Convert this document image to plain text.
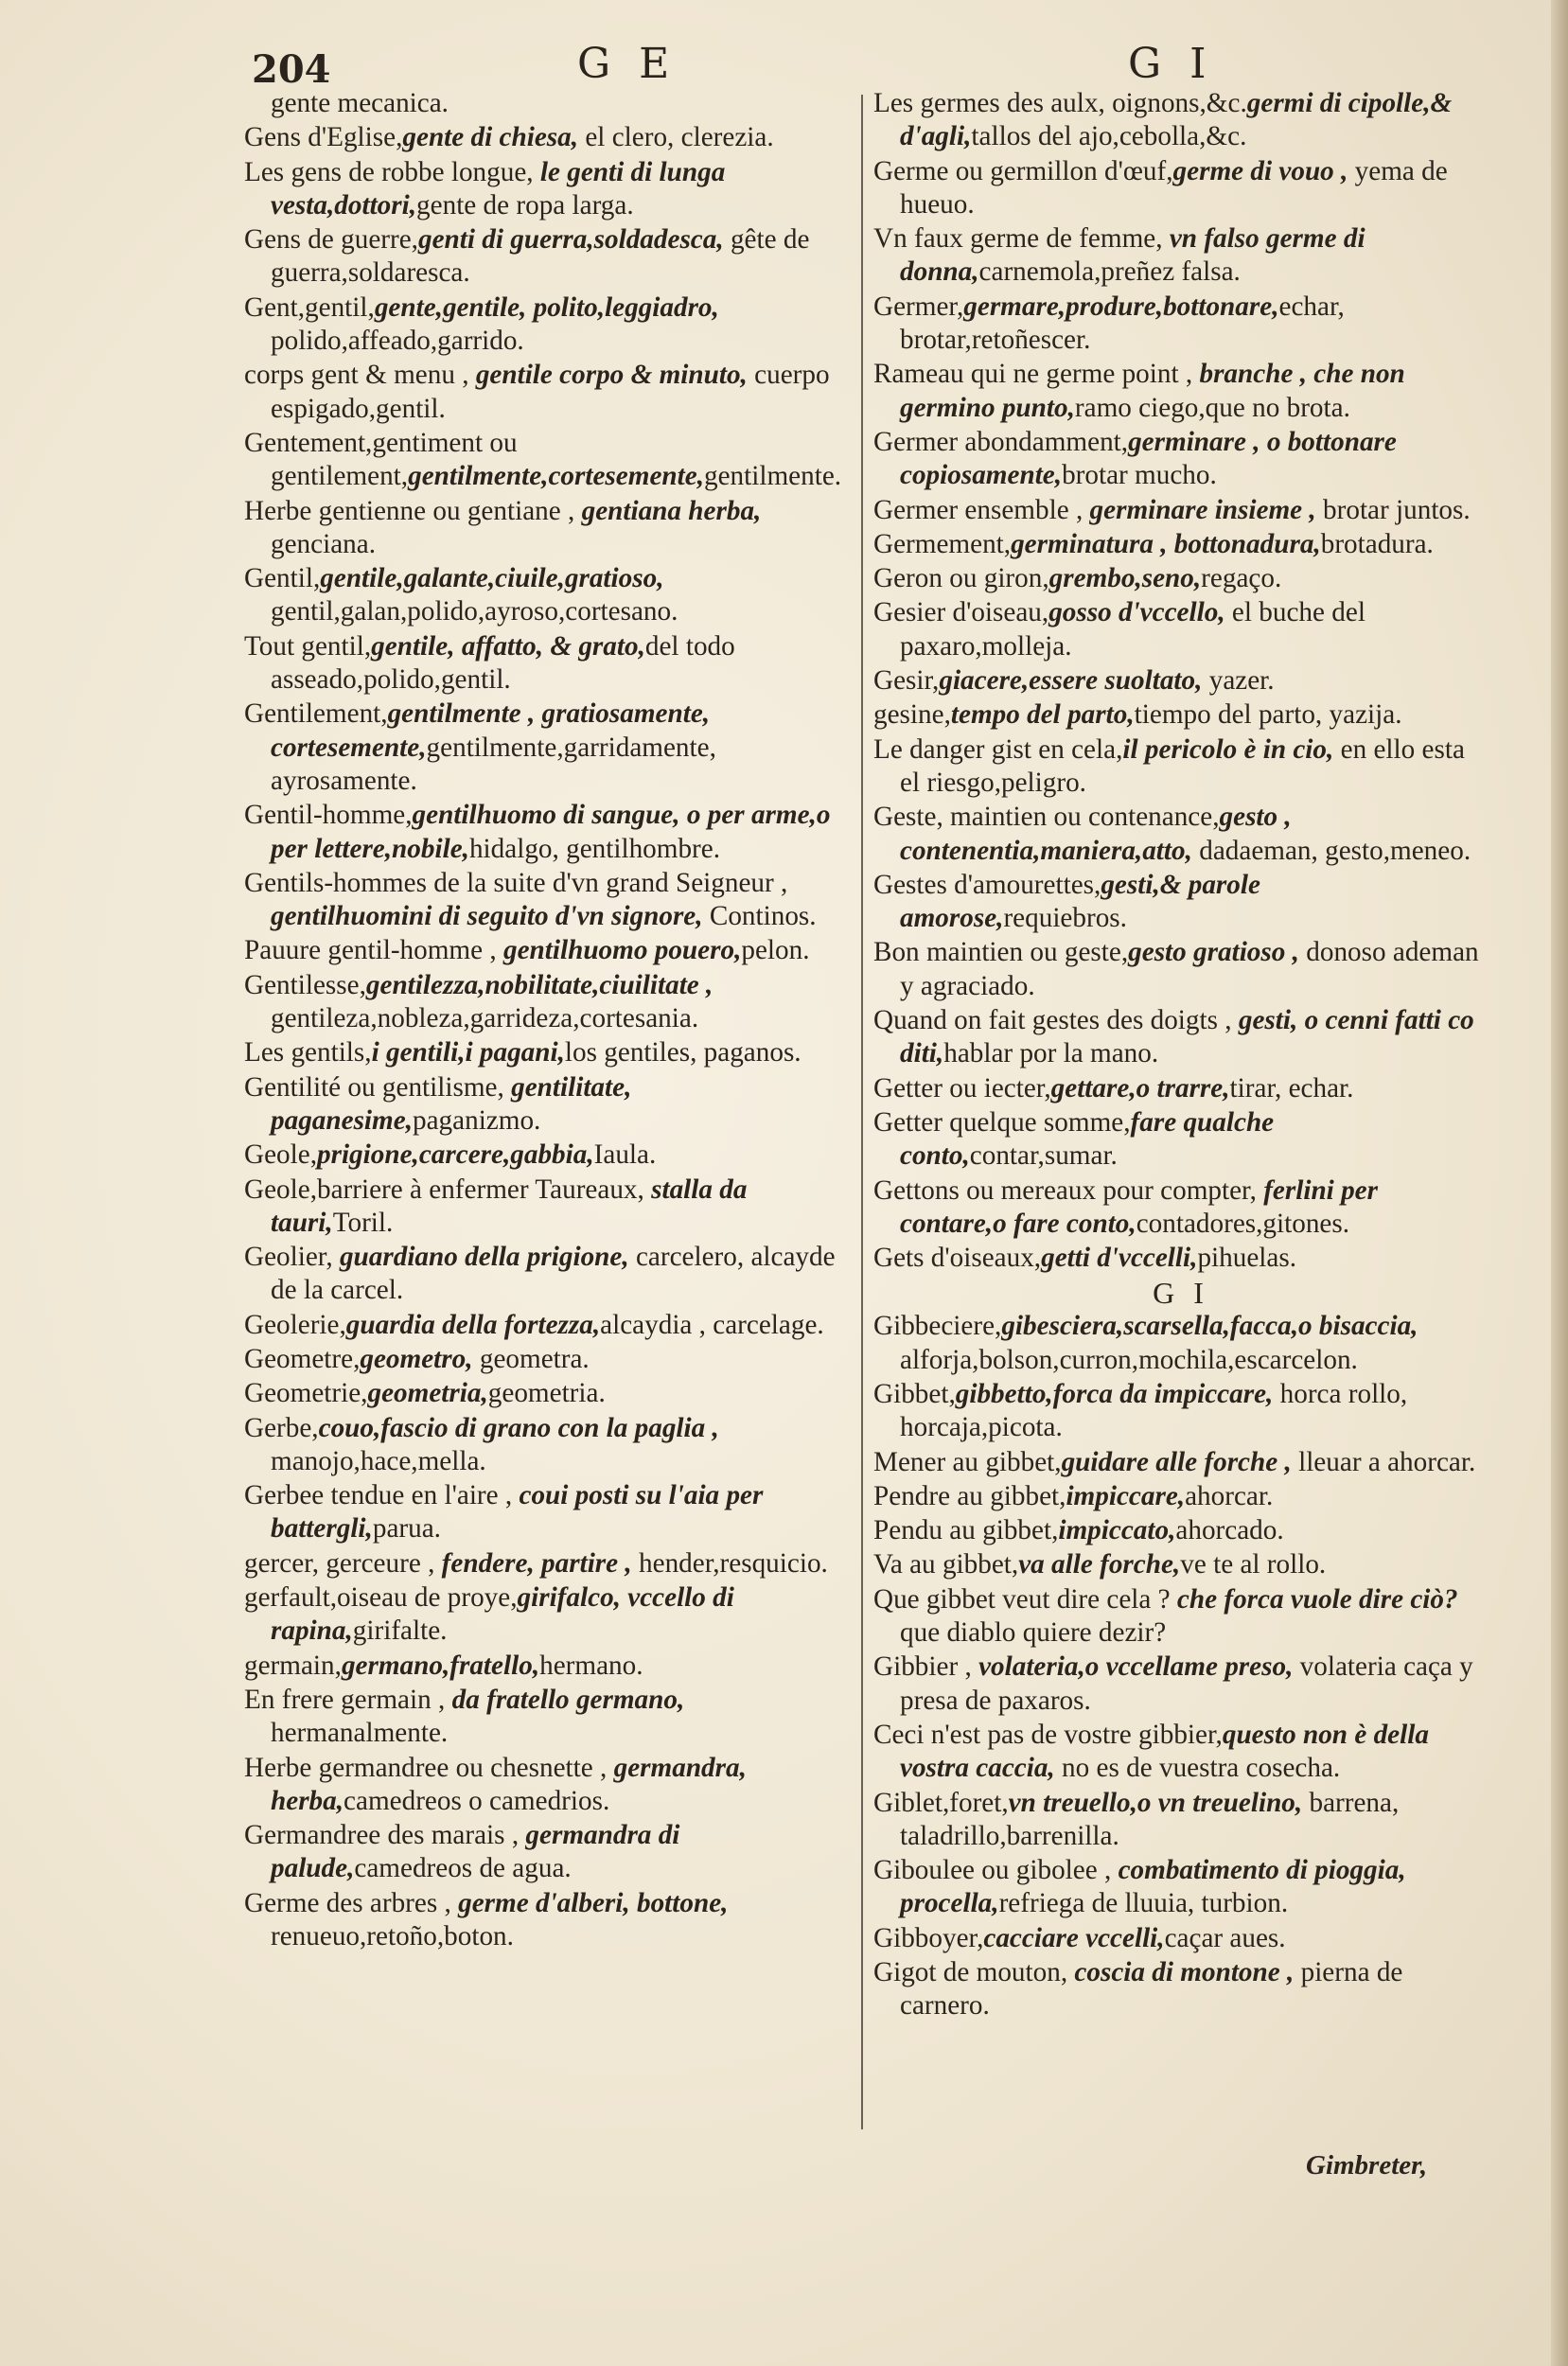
204	G E	G I
gente mecanica.
Gens d'Eglise,gente di chiesa, el clero, clerezia.
Les gens de robbe longue, le genti di lunga vesta,dottori,gente de ropa larga.
Gens de guerre,genti di guerra,soldadesca, gête de guerra,soldaresca.
Gent,gentil,gente,gentile, polito,leggiadro, polido,affeado,garrido.
corps gent & menu , gentile corpo & minuto, cuerpo espigado,gentil.
Gentement,gentiment ou gentilement,gentilmente,cortesemente,gentilmente.
Herbe gentienne ou gentiane , gentiana herba, genciana.
Gentil,gentile,galante,ciuile,gratioso, gentil,galan,polido,ayroso,cortesano.
Tout gentil,gentile, affatto, & grato,del todo asseado,polido,gentil.
Gentilement,gentilmente , gratiosamente, cortesemente,gentilmente,garridamente, ayrosamente.
Gentil-homme,gentilhuomo di sangue, o per arme,o per lettere,nobile,hidalgo, gentilhombre.
Gentils-hommes de la suite d'vn grand Seigneur , gentilhuomini di seguito d'vn signore, Continos.
Pauure gentil-homme , gentilhuomo pouero,pelon.
Gentilesse,gentilezza,nobilitate,ciuilitate , gentileza,nobleza,garrideza,cortesania.
Les gentils,i gentili,i pagani,los gentiles, paganos.
Gentilité ou gentilisme, gentilitate, paganesime,paganizmo.
Geole,prigione,carcere,gabbia,Iaula.
Geole,barriere à enfermer Taureaux, stalla da tauri,Toril.
Geolier, guardiano della prigione, carcelero, alcayde de la carcel.
Geolerie,guardia della fortezza,alcaydia , carcelage.
Geometre,geometro, geometra.
Geometrie,geometria,geometria.
Gerbe,couo,fascio di grano con la paglia , manojo,hace,mella.
Gerbee tendue en l'aire , coui posti su l'aia per battergli,parua.
gercer, gerceure , fendere, partire , hender,resquicio.
gerfault,oiseau de proye,girifalco, vccello di rapina,girifalte.
germain,germano,fratello,hermano.
En frere germain , da fratello germano, hermanalmente.
Herbe germandree ou chesnette , germandra, herba,camedreos o camedrios.
Germandree des marais , germandra di palude,camedreos de agua.
Germe des arbres , germe d'alberi, bottone, renueuo,retoño,boton.
Les germes des aulx, oignons,&c.germi di cipolle,& d'agli,tallos del ajo,cebolla,&c.
Germe ou germillon d'œuf,germe di vouo , yema de hueuo.
Vn faux germe de femme, vn falso germe di donna,carnemola,preñez falsa.
Germer,germare,produre,bottonare,echar, brotar,retoñescer.
Rameau qui ne germe point , branche , che non germino punto,ramo ciego,que no brota.
Germer abondamment,germinare , o bottonare copiosamente,brotar mucho.
Germer ensemble , germinare insieme , brotar juntos.
Germement,germinatura , bottonadura,brotadura.
Geron ou giron,grembo,seno,regaço.
Gesier d'oiseau,gosso d'vccello, el buche del paxaro,molleja.
Gesir,giacere,essere suoltato, yazer.
gesine,tempo del parto,tiempo del parto, yazija.
Le danger gist en cela,il pericolo è in cio, en ello esta el riesgo,peligro.
Geste, maintien ou contenance,gesto , contenentia,maniera,atto, dadaeman, gesto,meneo.
Gestes d'amourettes,gesti,& parole amorose,requiebros.
Bon maintien ou geste,gesto gratioso , donoso ademan y agraciado.
Quand on fait gestes des doigts , gesti, o cenni fatti co diti,hablar por la mano.
Getter ou iecter,gettare,o trarre,tirar, echar.
Getter quelque somme,fare qualche conto,contar,sumar.
Gettons ou mereaux pour compter, ferlini per contare,o fare conto,contadores,gitones.
Gets d'oiseaux,getti d'vccelli,pihuelas.
G I
Gibbeciere,gibesciera,scarsella,facca,o bisaccia, alforja,bolson,curron,mochila,escarcelon.
Gibbet,gibbetto,forca da impiccare, horca rollo, horcaja,picota.
Mener au gibbet,guidare alle forche , lleuar a ahorcar.
Pendre au gibbet,impiccare,ahorcar.
Pendu au gibbet,impiccato,ahorcado.
Va au gibbet,va alle forche,ve te al rollo.
Que gibbet veut dire cela ? che forca vuole dire ciò?que diablo quiere dezir?
Gibbier , volateria,o vccellame preso, volateria caça y presa de paxaros.
Ceci n'est pas de vostre gibbier,questo non è della vostra caccia, no es de vuestra cosecha.
Giblet,foret,vn treuello,o vn treuelino, barrena, taladrillo,barrenilla.
Giboulee ou gibolee , combatimento di pioggia, procella,refriega de lluuia, turbion.
Gibboyer,cacciare vccelli,caçar aues.
Gigot de mouton, coscia di montone , pierna de carnero.
Gimbreter,
